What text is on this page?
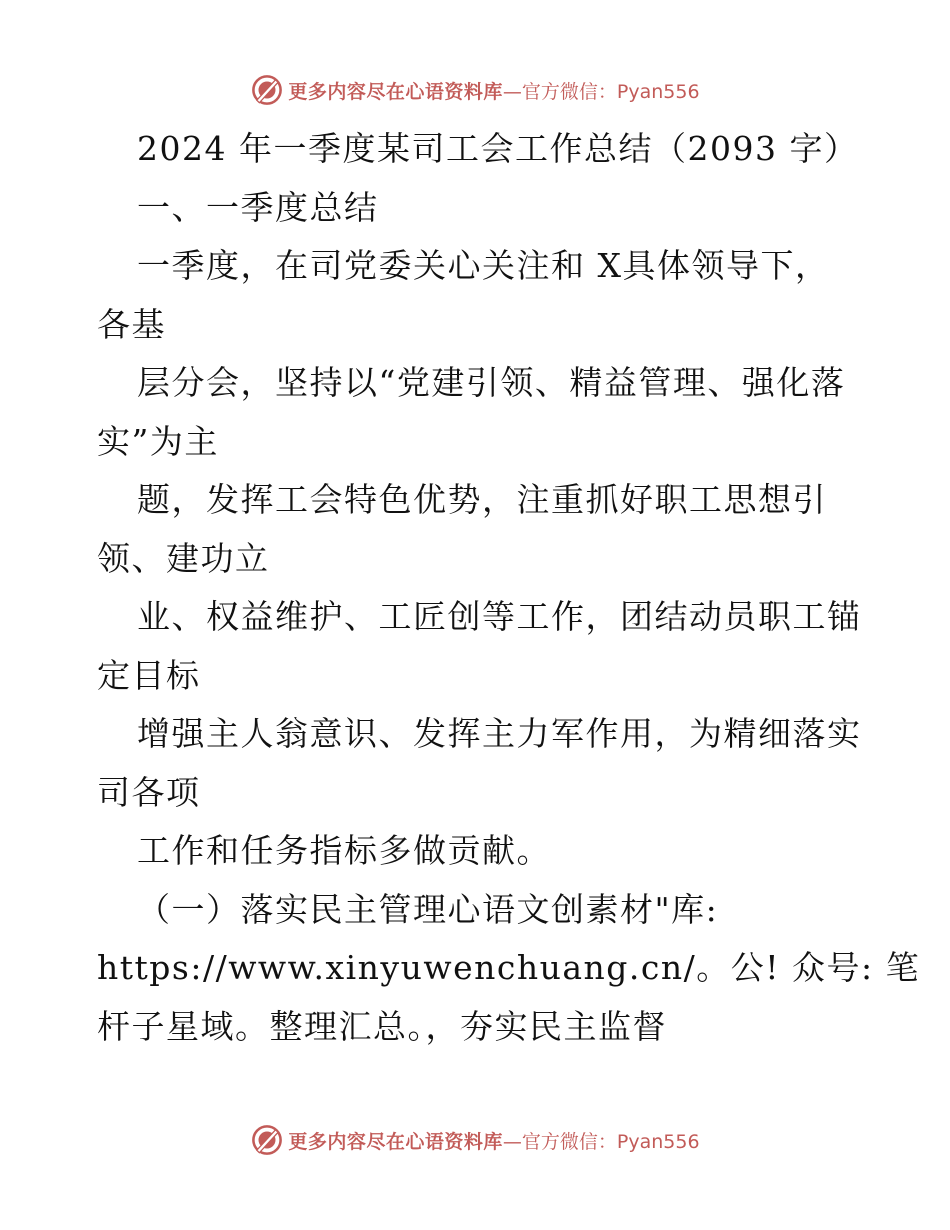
更多内容尽在心语资料库 —官方微信：Pyan556
2024 年一季度某司工会工作总结（2093 字）
一、一季度总结
一季度，在司党委关心关注和 X具体领导下，
各基
层分会，坚持以“党建引领、精益管理、强化落
实”为主
题，发挥工会特色优势，注重抓好职工思想引
领、建功立
业、权益维护、工匠创等工作，团结动员职工锚
定目标
增强主人翁意识、发挥主力军作用，为精细落实
司各项
工作和任务指标多做贡献。
（一）落实民主管理心语文创素材"库:
https://www.xinyuwenchuang.cn/。公! 众号: 笔
杆子星域。整理汇总。，夯实民主监督
更多内容尽在心语资料库 —官方微信：Pyan556
